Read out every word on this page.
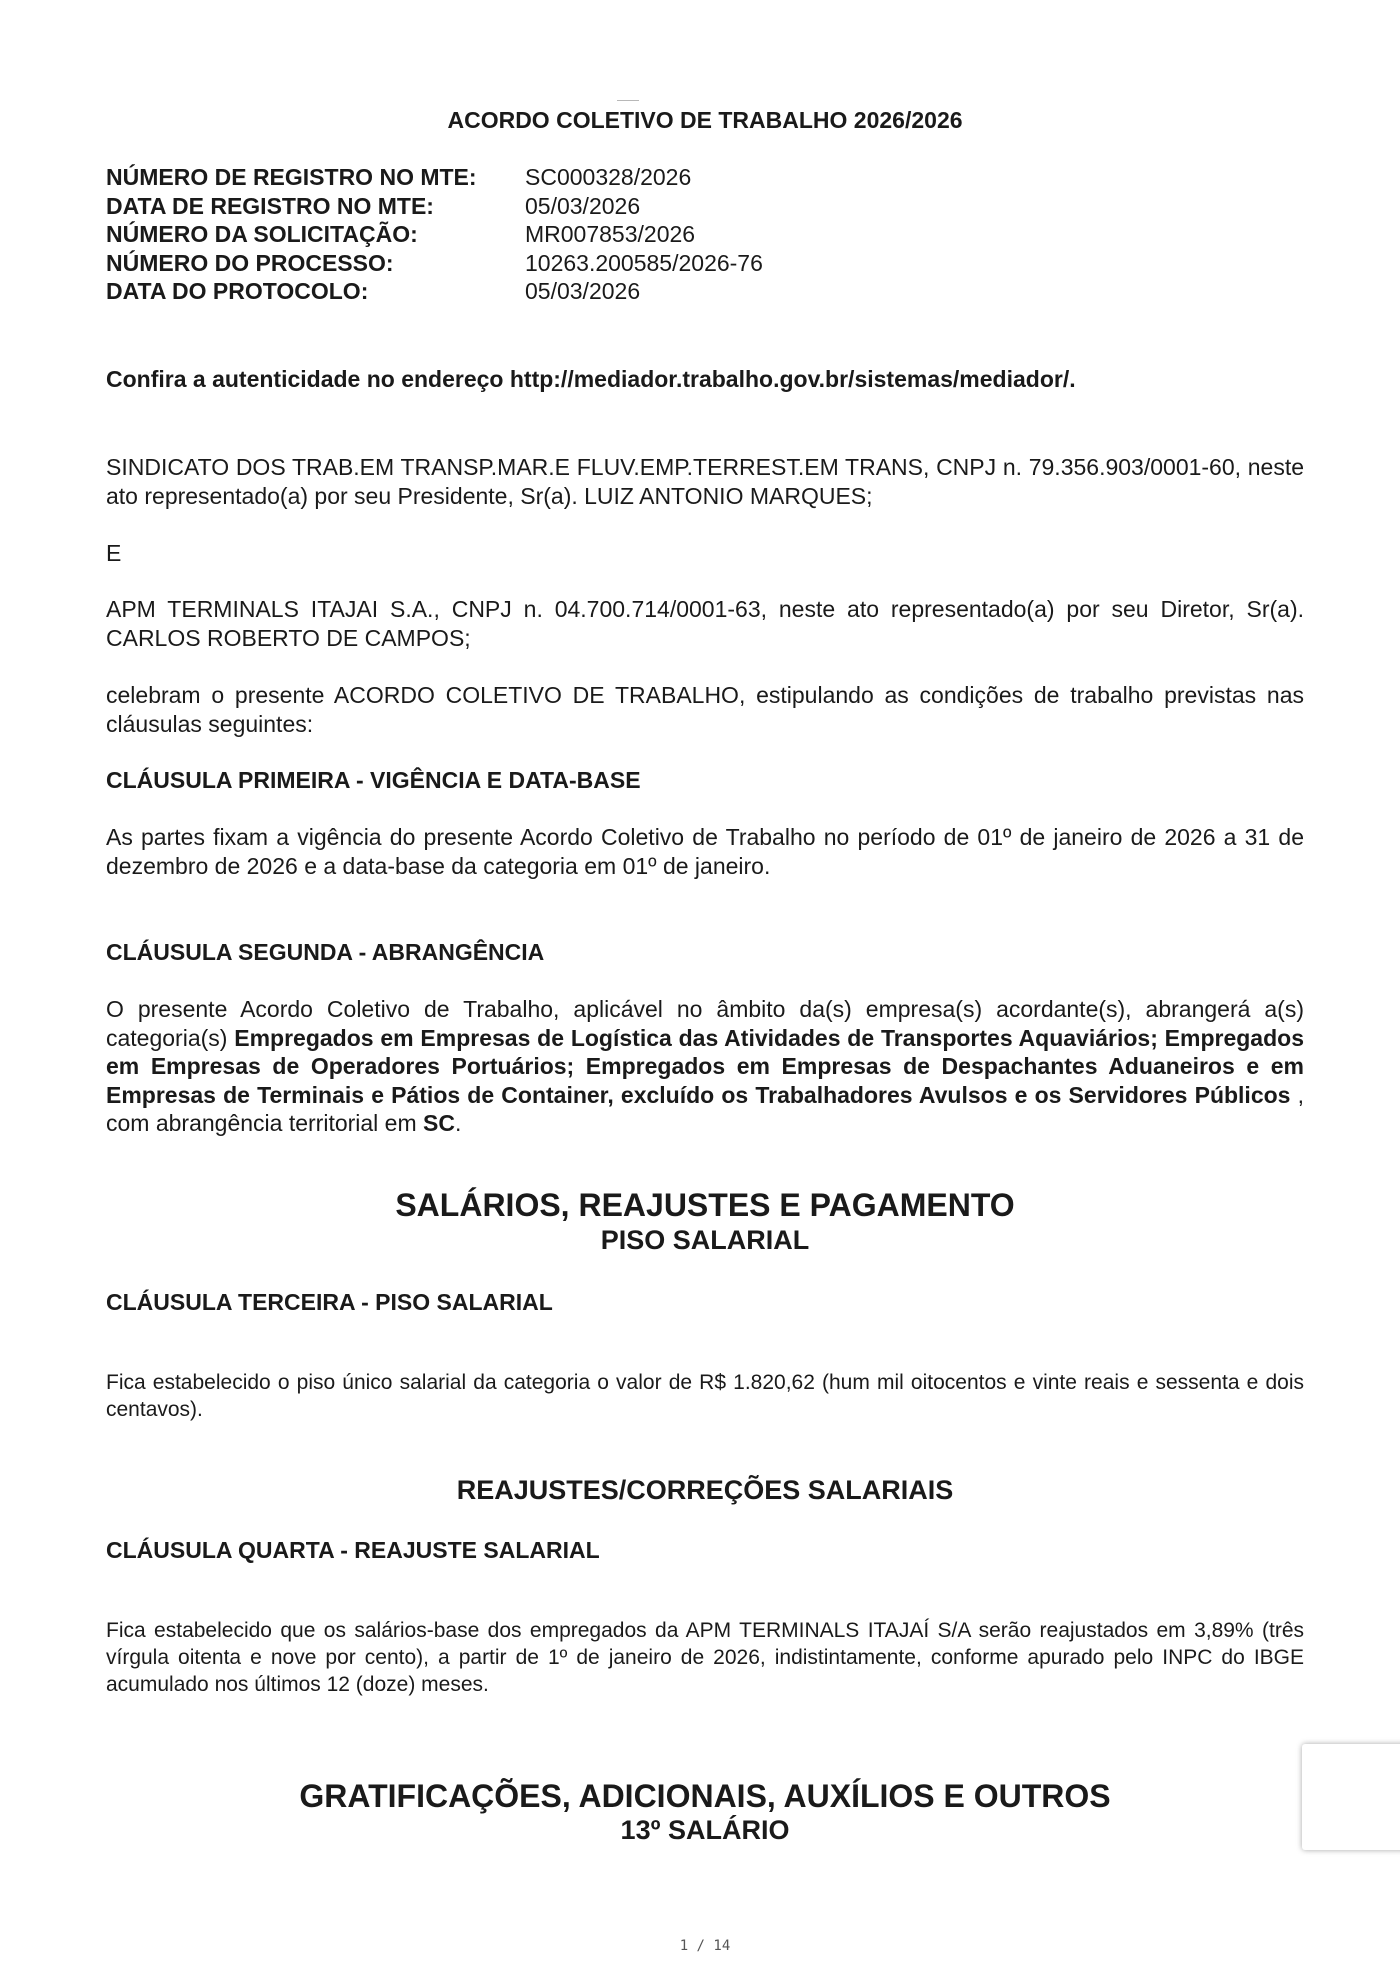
ACORDO COLETIVO DE TRABALHO 2026/2026
NÚMERO DE REGISTRO NO MTE:	SC000328/2026
DATA DE REGISTRO NO MTE:	05/03/2026
NÚMERO DA SOLICITAÇÃO:	MR007853/2026
NÚMERO DO PROCESSO:	10263.200585/2026-76
DATA DO PROTOCOLO:	05/03/2026
Confira a autenticidade no endereço http://mediador.trabalho.gov.br/sistemas/mediador/.
SINDICATO DOS TRAB.EM TRANSP.MAR.E FLUV.EMP.TERREST.EM TRANS, CNPJ n. 79.356.903/0001-60, neste ato representado(a) por seu Presidente, Sr(a). LUIZ ANTONIO MARQUES;
E
APM TERMINALS ITAJAI S.A., CNPJ n. 04.700.714/0001-63, neste ato representado(a) por seu Diretor, Sr(a). CARLOS ROBERTO DE CAMPOS;
celebram o presente ACORDO COLETIVO DE TRABALHO, estipulando as condições de trabalho previstas nas cláusulas seguintes:
CLÁUSULA PRIMEIRA - VIGÊNCIA E DATA-BASE
As partes fixam a vigência do presente Acordo Coletivo de Trabalho no período de 01º de janeiro de 2026 a 31 de dezembro de 2026 e a data-base da categoria em 01º de janeiro.
CLÁUSULA SEGUNDA - ABRANGÊNCIA
O presente Acordo Coletivo de Trabalho, aplicável no âmbito da(s) empresa(s) acordante(s), abrangerá a(s) categoria(s) Empregados em Empresas de Logística das Atividades de Transportes Aquaviários; Empregados em Empresas de Operadores Portuários; Empregados em Empresas de Despachantes Aduaneiros e em Empresas de Terminais e Pátios de Container, excluído os Trabalhadores Avulsos e os Servidores Públicos , com abrangência territorial em SC.
SALÁRIOS, REAJUSTES E PAGAMENTO
PISO SALARIAL
CLÁUSULA TERCEIRA - PISO SALARIAL
Fica estabelecido o piso único salarial da categoria o valor de R$ 1.820,62 (hum mil oitocentos e vinte reais e sessenta e dois centavos).
REAJUSTES/CORREÇÕES SALARIAIS
CLÁUSULA QUARTA - REAJUSTE SALARIAL
Fica estabelecido que os salários-base dos empregados da APM TERMINALS ITAJAÍ S/A serão reajustados em 3,89% (três vírgula oitenta e nove por cento), a partir de 1º de janeiro de 2026, indistintamente, conforme apurado pelo INPC do IBGE acumulado nos últimos 12 (doze) meses.
GRATIFICAÇÕES, ADICIONAIS, AUXÍLIOS E OUTROS
13º SALÁRIO
1 / 14
